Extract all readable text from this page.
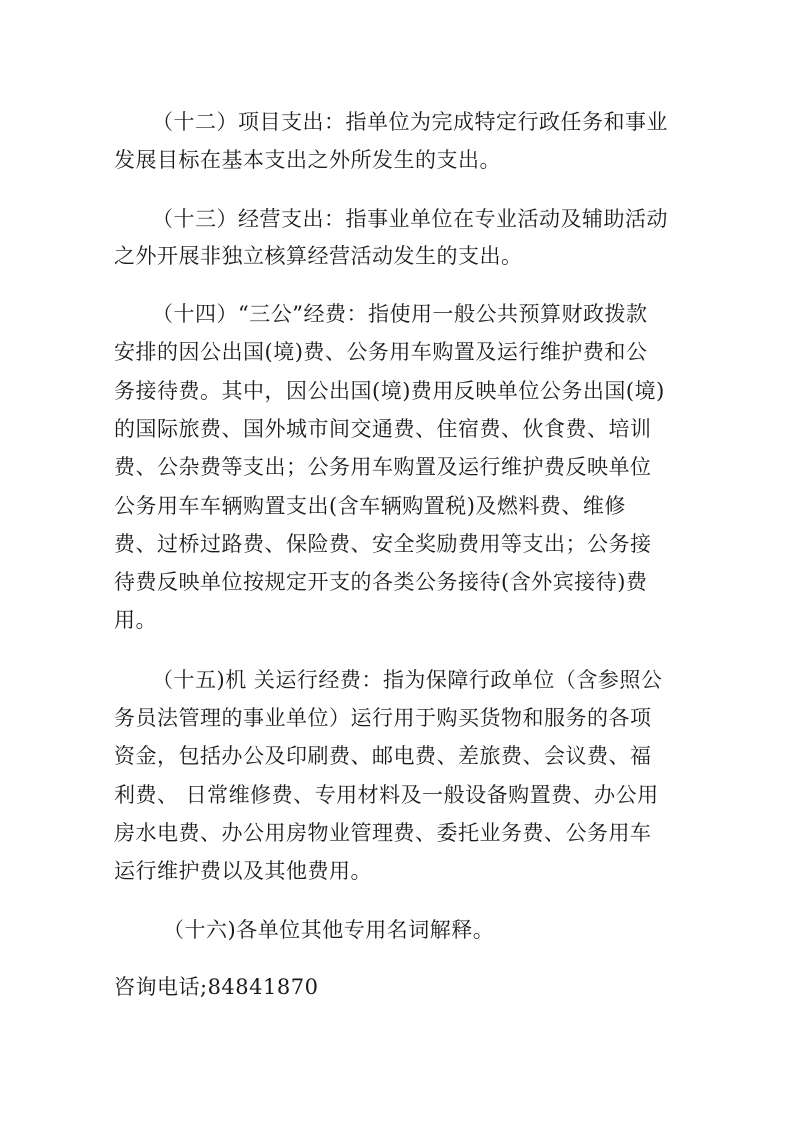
（十二）项目支出：指单位为完成特定行政任务和事业
发展目标在基本支出之外所发生的支出。
（十三）经营支出：指事业单位在专业活动及辅助活动
之外开展非独立核算经营活动发生的支出。
（十四）“三公”经费：指使用一般公共预算财政拨款
安排的因公出国(境)费、公务用车购置及运行维护费和公
务接待费。其中，因公出国(境)费用反映单位公务出国(境)
的国际旅费、国外城市间交通费、住宿费、伙食费、培训
费、公杂费等支出；公务用车购置及运行维护费反映单位
公务用车车辆购置支出(含车辆购置税)及燃料费、维修
费、过桥过路费、保险费、安全奖励费用等支出；公务接
待费反映单位按规定开支的各类公务接待(含外宾接待)费
用。
（十五)机 关运行经费：指为保障行政单位（含参照公
务员法管理的事业单位）运行用于购买货物和服务的各项
资金，包括办公及印刷费、邮电费、差旅费、会议费、福
利费、 日常维修费、专用材料及一般设备购置费、办公用
房水电费、办公用房物业管理费、委托业务费、公务用车
运行维护费以及其他费用。
（十六)各单位其他专用名词解释。
咨询电话;84841870
